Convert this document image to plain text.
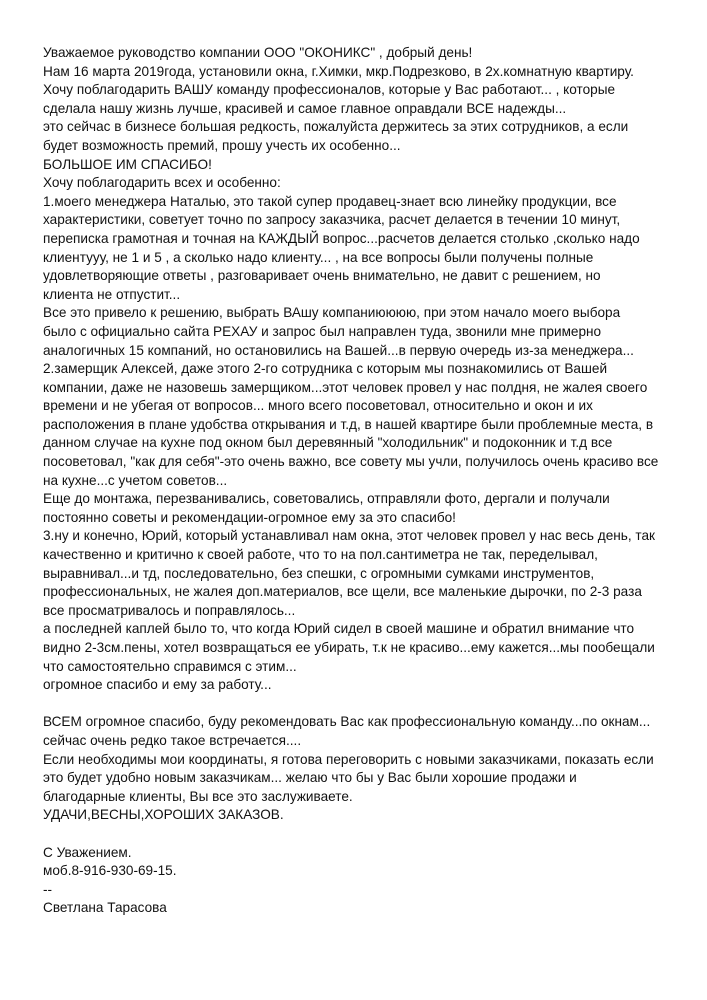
Уважаемое руководство компании ООО "ОКОНИКС" , добрый день!
Нам 16 марта 2019года, установили окна, г.Химки, мкр.Подрезково, в 2х.комнатную квартиру.
Хочу поблагодарить ВАШУ команду профессионалов, которые у Вас работают... , которые
сделала нашу жизнь лучше, красивей и самое главное оправдали ВСЕ надежды...
это сейчас в бизнесе большая редкость, пожалуйста держитесь за этих сотрудников, а если
будет возможность премий, прошу учесть их особенно...
БОЛЬШОЕ ИМ СПАСИБО!
Хочу поблагодарить всех и особенно:
1.моего менеджера Наталью, это такой супер продавец-знает всю линейку продукции, все
характеристики, советует точно по запросу заказчика, расчет делается в течении 10 минут,
переписка грамотная и точная на КАЖДЫЙ вопрос...расчетов делается столько ,сколько надо
клиентууу, не 1 и 5 , а сколько надо клиенту... , на все вопросы были получены полные
удовлетворяющие ответы , разговаривает очень внимательно, не давит с решением, но
клиента не отпустит...
Все это привело к решению, выбрать ВАшу компаниюююю, при этом начало моего выбора
было с официально сайта РЕХАУ и запрос был направлен туда, звонили мне примерно
аналогичных 15 компаний, но остановились на Вашей...в первую очередь из-за менеджера...
2.замерщик Алексей, даже этого 2-го сотрудника с которым мы познакомились от Вашей
компании, даже не назовешь замерщиком...этот человек провел у нас полдня, не жалея своего
времени и не убегая от вопросов... много всего посоветовал, относительно и окон и их
расположения в плане удобства открывания и т.д, в нашей квартире были проблемные места, в
данном случае на кухне под окном был деревянный "холодильник" и подоконник и т.д все
посоветовал, "как для себя"-это очень важно, все совету мы учли, получилось очень красиво все
на кухне...с учетом советов...
Еще до монтажа, перезванивались, советовались, отправляли фото, дергали и получали
постоянно советы и рекомендации-огромное ему за это спасибо!
3.ну и конечно, Юрий, который устанавливал нам окна, этот человек провел у нас весь день, так
качественно и критично к своей работе, что то на пол.сантиметра не так, переделывал,
выравнивал...и тд, последовательно, без спешки, с огромными сумками инструментов,
профессиональных, не жалея доп.материалов, все щели, все маленькие дырочки, по 2-3 раза
все просматривалось и поправлялось...
а последней каплей было то, что когда Юрий сидел в своей машине и обратил внимание что
видно 2-3см.пены, хотел возвращаться ее убирать, т.к не красиво...ему кажется...мы пообещали
что самостоятельно справимся с этим...
огромное спасибо и ему за работу...
ВСЕМ огромное спасибо, буду рекомендовать Вас как профессиональную команду...по окнам...
сейчас очень редко такое встречается....
Если необходимы мои координаты, я готова переговорить с новыми заказчиками, показать если
это будет удобно новым заказчикам... желаю что бы у Вас были хорошие продажи и
благодарные клиенты, Вы все это заслуживаете.
УДАЧИ,ВЕСНЫ,ХОРОШИХ ЗАКАЗОВ.
С Уважением.
моб.8-916-930-69-15.
--
Светлана Тарасова
